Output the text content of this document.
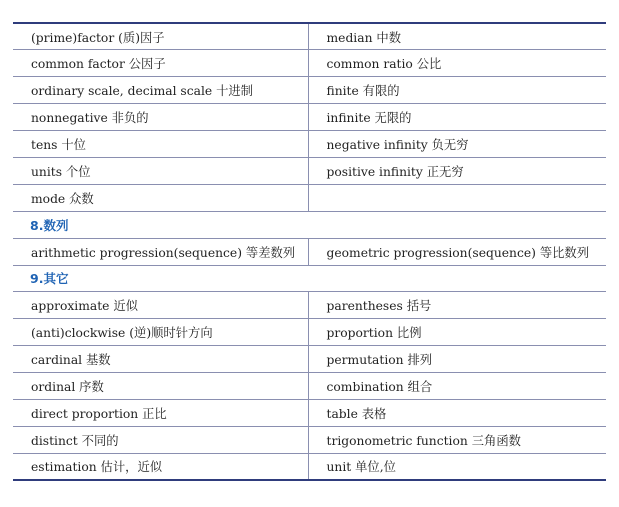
(prime)factor (质)因子	median 中数
common factor 公因子	common ratio 公比
ordinary scale, decimal scale 十进制	finite 有限的
nonnegative 非负的	infinite 无限的
tens 十位	negative infinity 负无穷
units 个位	positive infinity 正无穷
mode 众数	
8.数列	
arithmetic progression(sequence) 等差数列	geometric progression(sequence) 等比数列
9.其它	
approximate 近似	parentheses 括号
(anti)clockwise (逆)顺时针方向	proportion 比例
cardinal 基数	permutation 排列
ordinal 序数	combination 组合
direct proportion 正比	table 表格
distinct 不同的	trigonometric function 三角函数
estimation 估计，近似	unit 单位,位
